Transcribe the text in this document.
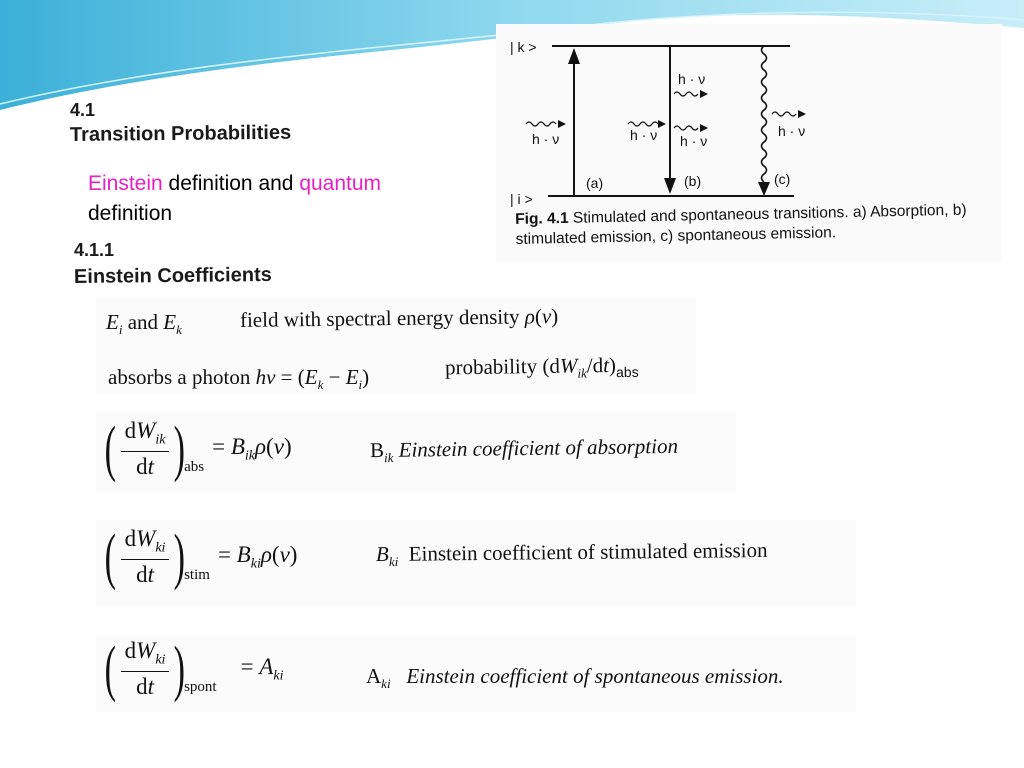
4.1
Transition Probabilities
Einstein definition and quantum
definition
4.1.1
Einstein Coefficients
| k >
| i >
h · ν
(a)
h · ν
h · ν
h · ν
(b)
h · ν
(c)
Fig. 4.1 Stimulated and spontaneous transitions. a) Absorption, b) stimulated emission, c) spontaneous emission.
$E_i$ and $E_k$	field with spectral energy density ρ(ν)
absorbs a photon $h\nu = (E_k - E_i)$	probability $(dW_{ik}/dt)_{abs}$
( $\frac{dW_{ik}}{dt}$ )
abs
= $B_{ik}\rho(\nu)$	$B_{ik}$ Einstein coefficient of absorption
( $\frac{dW_{ki}}{dt}$ )
stim
= $B_{ki}\rho(\nu)$	$B_{ki}$ Einstein coefficient of stimulated emission
( $\frac{dW_{ki}}{dt}$ )
spont
= $A_{ki}$	$A_{ki}$ Einstein coefficient of spontaneous emission.
